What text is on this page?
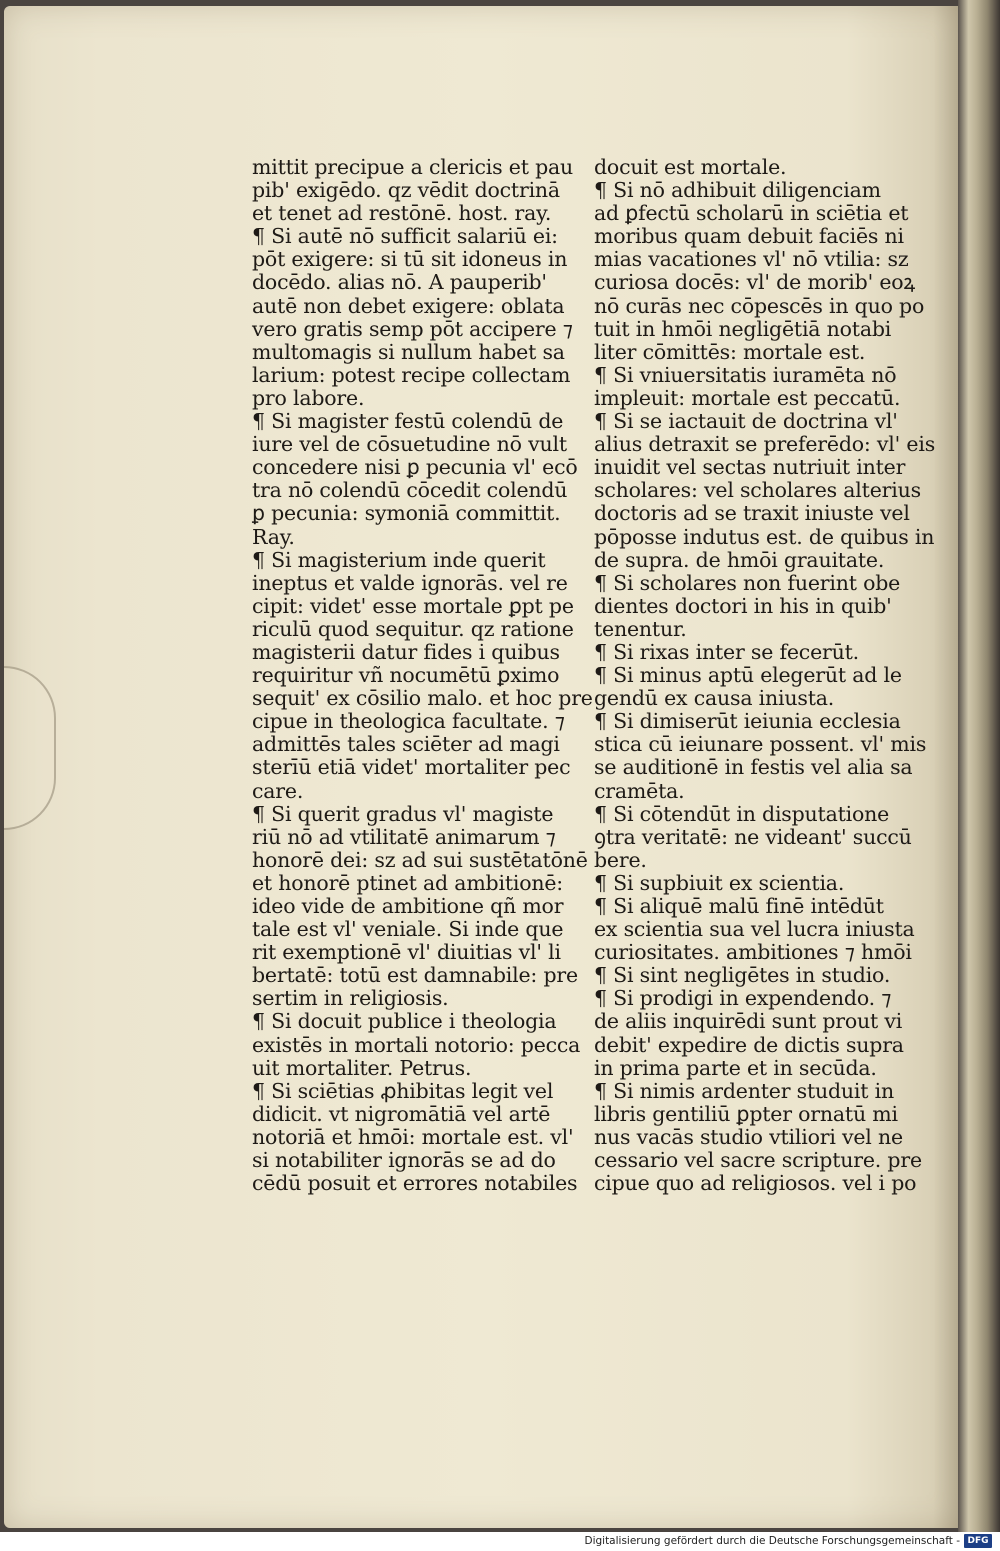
mittit precipue a clericis et pau
pib' exigēdo. qz vēdit doctrinā
et tenet ad restōnē. host. ray.
¶ Si autē nō sufficit salariū ei:
pōt exigere: si tū sit idoneus in
docēdo. alias nō. A pauperib'
autē non debet exigere: oblata
vero gratis semp pōt accipere ⁊
multomagis si nullum habet sa
larium: potest recipe collectam
pro labore.
¶ Si magister festū colendū de
iure vel de cōsuetudine nō vult
concedere nisi ꝑ pecunia vl' ecō
tra nō colendū cōcedit colendū
ꝑ pecunia: symoniā committit.
Ray.
¶ Si magisterium inde querit
ineptus et valde ignorās. vel re
cipit: videt' esse mortale ꝑpt pe
riculū quod sequitur. qz ratione
magisterii datur fides i quibus
requiritur vñ nocumētū ꝑximo
sequit' ex cōsilio malo. et hoc pre
cipue in theologica facultate. ⁊
admittēs tales sciēter ad magi
sterīū etiā videt' mortaliter pec
care.
¶ Si querit gradus vl' magiste
riū nō ad vtilitatē animarum ⁊
honorē dei: sz ad sui sustētatōnē
et honorē ptinet ad ambitionē:
ideo vide de ambitione qñ mor
tale est vl' veniale. Si inde que
rit exemptionē vl' diuitias vl' li
bertatē: totū est damnabile: pre
sertim in religiosis.
¶ Si docuit publice i theologia
existēs in mortali notorio: pecca
uit mortaliter. Petrus.
¶ Si sciētias ꝓhibitas legit vel
didicit. vt nigromātiā vel artē
notoriā et hmōi: mortale est. vl'
si notabiliter ignorās se ad do
cēdū posuit et errores notabiles
docuit est mortale.
¶ Si nō adhibuit diligenciam
ad ꝑfectū scholarū in sciētia et
moribus quam debuit faciēs ni
mias vacationes vl' nō vtilia: sz
curiosa docēs: vl' de morib' eoꝝ
nō curās nec cōpescēs in quo po
tuit in hmōi negligētiā notabi
liter cōmittēs: mortale est.
¶ Si vniuersitatis iuramēta nō
impleuit: mortale est peccatū.
¶ Si se iactauit de doctrina vl'
alius detraxit se preferēdo: vl' eis
inuidit vel sectas nutriuit inter
scholares: vel scholares alterius
doctoris ad se traxit iniuste vel
pōposse indutus est. de quibus in
de supra. de hmōi grauitate.
¶ Si scholares non fuerint obe
dientes doctori in his in quib'
tenentur.
¶ Si rixas inter se fecerūt.
¶ Si minus aptū elegerūt ad le
gendū ex causa iniusta.
¶ Si dimiserūt ieiunia ecclesia
stica cū ieiunare possent. vl' mis
se auditionē in festis vel alia sa
cramēta.
¶ Si cōtendūt in disputatione
ꝯtra veritatē: ne videant' succū
bere.
¶ Si supbiuit ex scientia.
¶ Si aliquē malū finē intēdūt
ex scientia sua vel lucra iniusta
curiositates. ambitiones ⁊ hmōi
¶ Si sint negligētes in studio.
¶ Si prodigi in expendendo. ⁊
de aliis inquirēdi sunt prout vi
debit' expedire de dictis supra
in prima parte et in secūda.
¶ Si nimis ardenter studuit in
libris gentiliū ꝑpter ornatū mi
nus vacās studio vtiliori vel ne
cessario vel sacre scripture. pre
cipue quo ad religiosos. vel i po
Digitalisierung gefördert durch die Deutsche Forschungsgemeinschaft - DFG
